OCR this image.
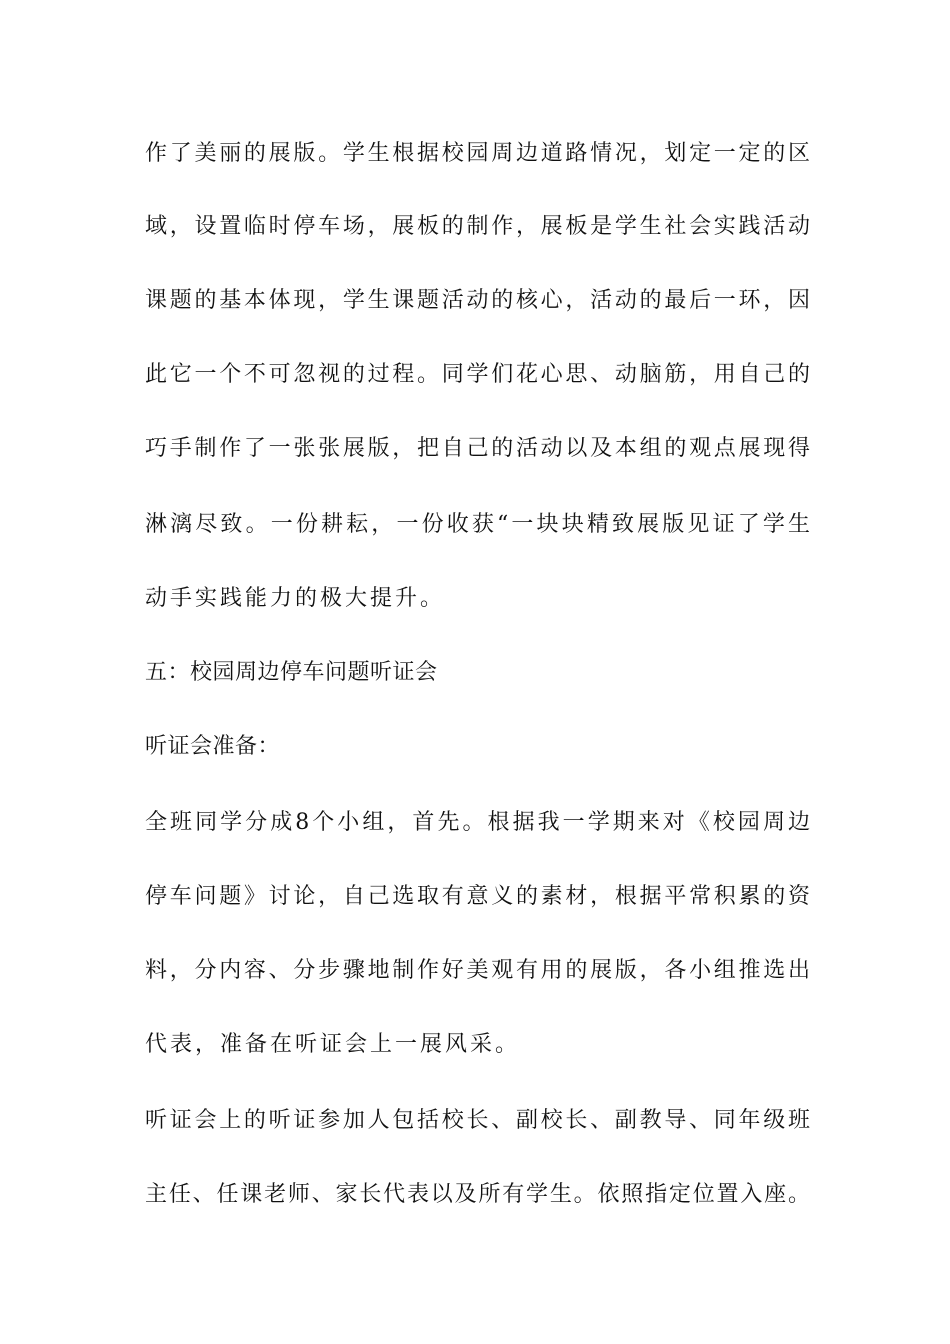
作了美丽的展版。学生根据校园周边道路情况，划定一定的区
域，设置临时停车场，展板的制作，展板是学生社会实践活动
课题的基本体现，学生课题活动的核心，活动的最后一环，因
此它一个不可忽视的过程。同学们花心思、动脑筋，用自己的
巧手制作了一张张展版，把自己的活动以及本组的观点展现得
淋漓尽致。一份耕耘，一份收获“一块块精致展版见证了学生
动手实践能力的极大提升。
五：校园周边停车问题听证会
听证会准备：
全班同学分成8个小组，首先。根据我一学期来对《校园周边
停车问题》讨论，自己选取有意义的素材，根据平常积累的资
料，分内容、分步骤地制作好美观有用的展版，各小组推选出
代表，准备在听证会上一展风采。
听证会上的听证参加人包括校长、副校长、副教导、同年级班
主任、任课老师、家长代表以及所有学生。依照指定位置入座。
